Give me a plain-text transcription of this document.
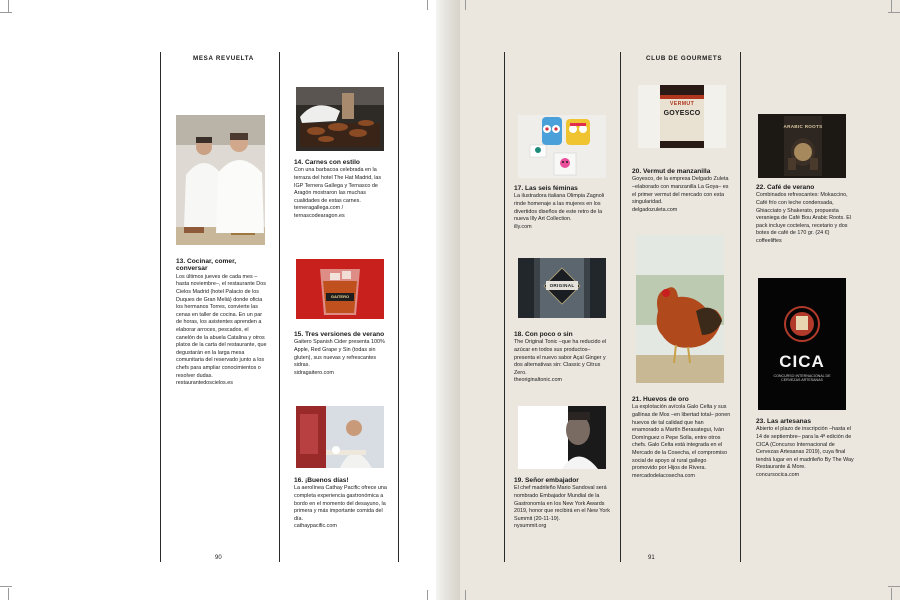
MESA REVUELTA	CLUB DE GOURMETS
GAITERO
13. Cocinar, comer, conversar

Los últimos jueves de cada mes –hasta noviembre–, el restaurante Dos Cielos Madrid (hotel Palacio de los Duques de Gran Meliá) donde oficia los hermanos Torres, convierte las cenas en taller de cocina. En un par de horas, los asistentes aprenden a elaborar arroces, pescados, el canelón de la abuela Catalina y otros platos de la carta del restaurante, que degustarán en la larga mesa comunitaria del reservado junto a los chefs para ampliar conocimientos o resolver dudas.

restaurantedoscielos.es

14. Carnes con estilo

Con una barbacoa celebrada en la terraza del hotel The Hat Madrid, las IGP Ternera Gallega y Ternasco de Aragón mostraron las muchas cualidades de estas carnes.

terneragallega.com / ternascodearagon.es

15. Tres versiones de verano

Gaitero Spanish Cider presenta 100% Apple, Red Grape y Sin (todas sin gluten), sus nuevas y refrescantes sidras.

sidragaitero.com

16. ¡Buenos días!

La aerolínea Cathay Pacific ofrece una completa experiencia gastronómica a bordo en el momento del desayuno, la primera y más importante comida del día.

cathaypacific.com

90
ORIGINAL
VERMUT
GOYESCO
ARABIC ROOTS
CICA
CONCURSO INTERNACIONAL DE CERVEZAS ARTESANAS
17. Las seis féminas

La ilustradora italiana Olimpia Zagnoli rinde homenaje a las mujeres en los divertidos diseños de este retro de la nueva Illy Art Collection.

illy.com

18. Con poco o sin

The Original Tonic –que ha reducido el azúcar en todos sus productos– presenta el nuevo sabor Açaí Ginger y dos alternativas sin: Classic y Citrus Zero.

theoriginaltonic.com

19. Señor embajador

El chef madrileño Mario Sandoval será nombrado Embajador Mundial de la Gastronomía en los New York Awards 2019, honor que recibirá en el New York Summit (20-11-19).

nysummit.org

20. Vermut de manzanilla

Goyesco, de la empresa Delgado Zuleta –elaborado con manzanilla La Goya– es el primer vermut del mercado con esta singularidad.

delgadozuleta.com

21. Huevos de oro

La explotación avícola Galo Celta y sus gallinas de Mos –en libertad total– ponen huevos de tal calidad que han enamorado a Martín Berasategui, Iván Domínguez o Pepe Solla, entre otros chefs. Galo Celta está integrada en el Mercado de la Cosecha, el compromiso social de apoyo al rural gallego promovido por Hijos de Rivera.

mercadodelacosecha.com

22. Café de verano

Combinados refrescantes: Mokaccino, Café frío con leche condensada, Ghiacciato y Shakerato, propuesta veraniega de Café Bou Arabic Roots. El pack incluye coctelera, recetario y dos botes de café de 170 gr. (24 €)

coffeeliftes

23. Las artesanas

Abierto el plazo de inscripción –hasta el 14 de septiembre– para la 4ª edición de CICA (Concurso Internacional de Cervezas Artesanas 2019), cuya final tendrá lugar en el madrileño By The Way Restaurante & More.

concursocica.com

91
